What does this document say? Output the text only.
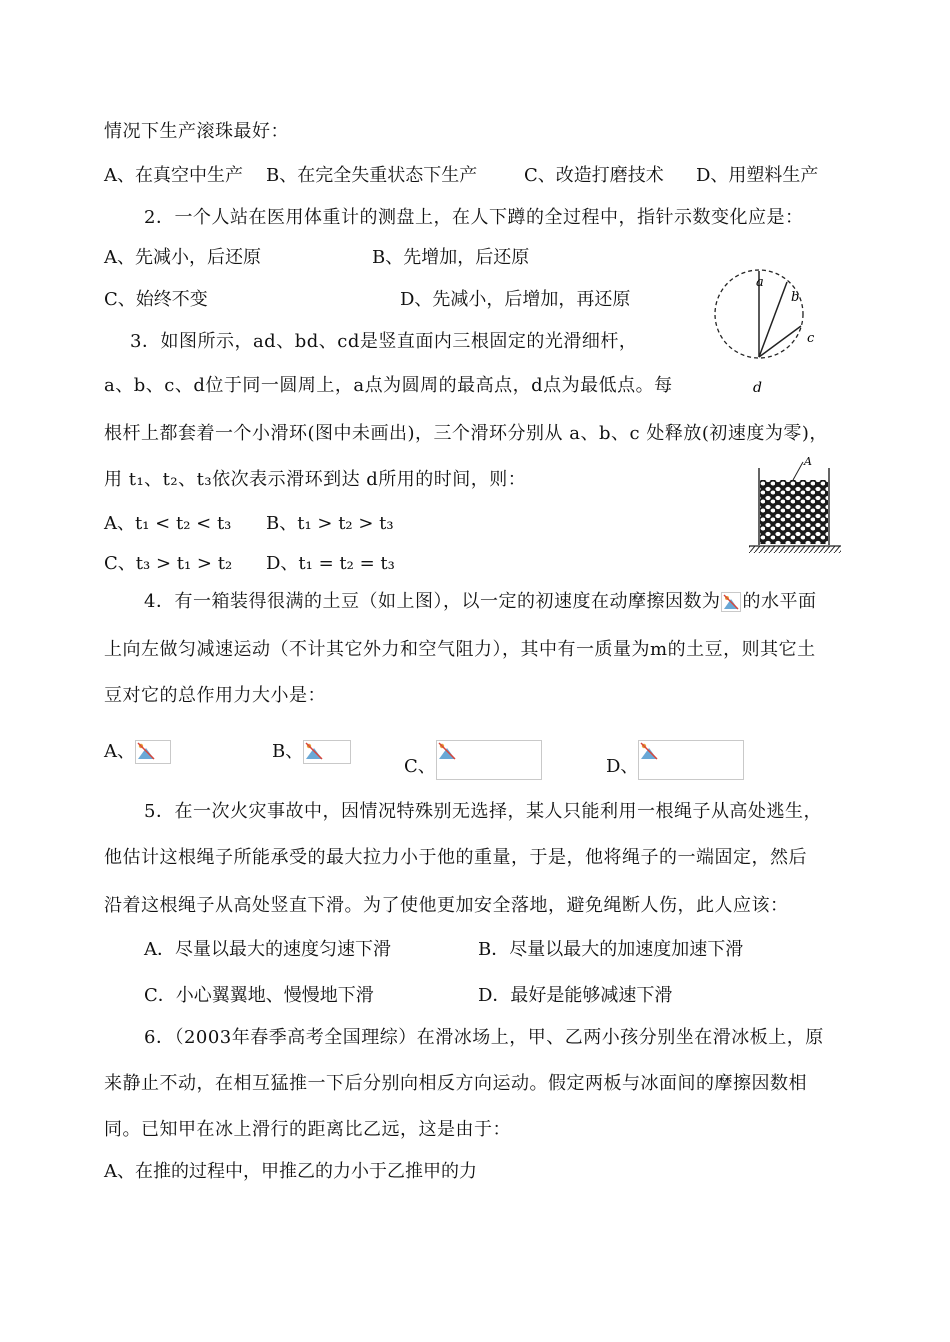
情况下生产滚珠最好：
A、在真空中生产 B、在完全失重状态下生产	C、改造打磨技术 D、用塑料生产
2．一个人站在医用体重计的测盘上，在人下蹲的全过程中，指针示数变化应是：
A、先减小，后还原	B、先增加，后还原
C、始终不变	D、先减小，后增加，再还原
a
b
c
d
3．如图所示，ad、bd、cd是竖直面内三根固定的光滑细杆，
a、b、c、d位于同一圆周上，a点为圆周的最高点，d点为最低点。每
根杆上都套着一个小滑环(图中未画出)，三个滑环分别从 a、b、c 处释放(初速度为零)，
用 t₁、t₂、t₃依次表示滑环到达 d所用的时间，则：
A、t₁ < t₂ < t₃ B、t₁ > t₂ > t₃
C、t₃ > t₁ > t₂ D、t₁ = t₂ = t₃
A
4．有一箱装得很满的土豆（如上图），以一定的初速度在动摩擦因数为 的水平面
上向左做匀减速运动（不计其它外力和空气阻力），其中有一质量为m的土豆，则其它土
豆对它的总作用力大小是：
A、	B、
C、	D、
5．在一次火灾事故中，因情况特殊别无选择，某人只能利用一根绳子从高处逃生，
他估计这根绳子所能承受的最大拉力小于他的重量，于是，他将绳子的一端固定，然后
沿着这根绳子从高处竖直下滑。为了使他更加安全落地，避免绳断人伤，此人应该：
A．尽量以最大的速度匀速下滑	B．尽量以最大的加速度加速下滑
C．小心翼翼地、慢慢地下滑	D．最好是能够减速下滑
6．（2003年春季高考全国理综）在滑冰场上，甲、乙两小孩分别坐在滑冰板上，原
来静止不动，在相互猛推一下后分别向相反方向运动。假定两板与冰面间的摩擦因数相
同。已知甲在冰上滑行的距离比乙远，这是由于：
A、在推的过程中，甲推乙的力小于乙推甲的力
